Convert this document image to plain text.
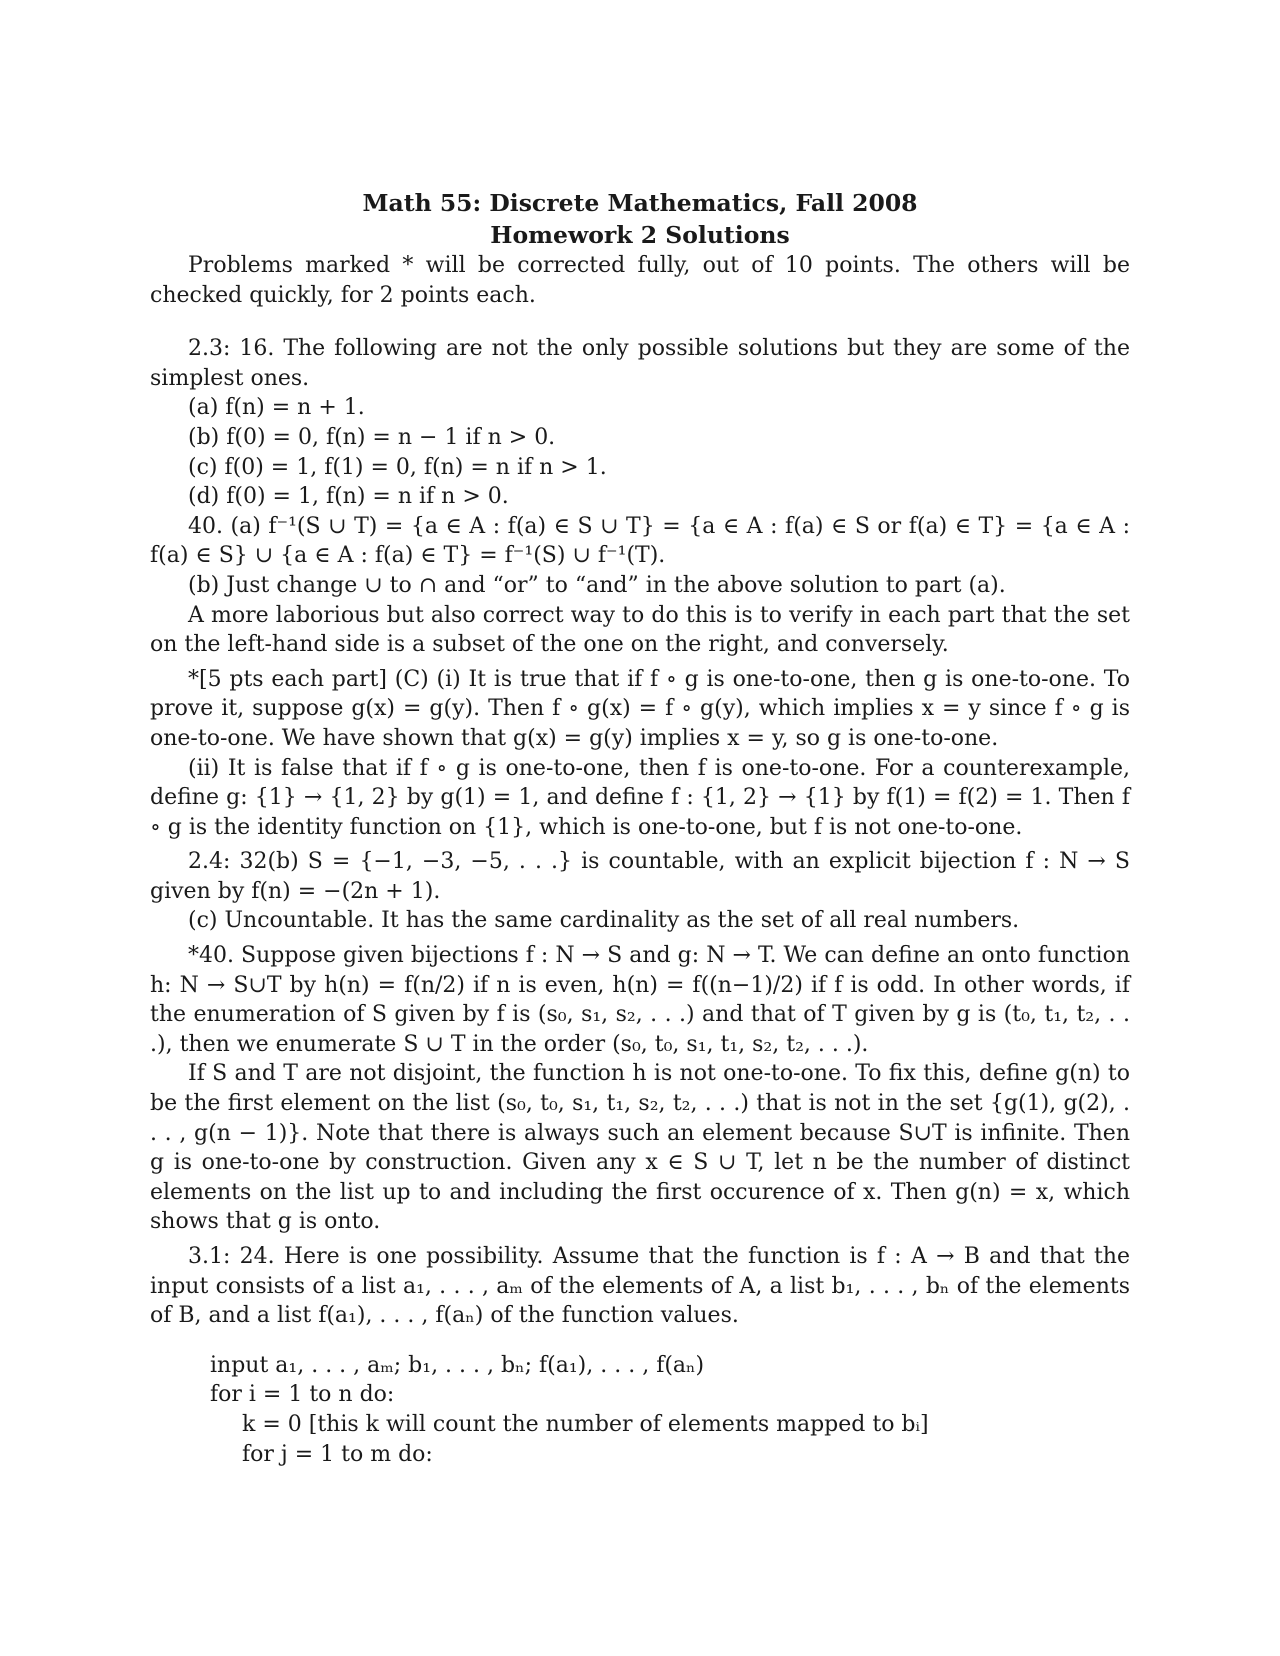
Math 55: Discrete Mathematics, Fall 2008
Homework 2 Solutions

Problems marked * will be corrected fully, out of 10 points. The others will be checked quickly, for 2 points each.

2.3: 16. The following are not the only possible solutions but they are some of the simplest ones.

(a) f(n) = n + 1.

(b) f(0) = 0, f(n) = n − 1 if n > 0.

(c) f(0) = 1, f(1) = 0, f(n) = n if n > 1.

(d) f(0) = 1, f(n) = n if n > 0.

40. (a) f⁻¹(S ∪ T) = {a ∈ A : f(a) ∈ S ∪ T} = {a ∈ A : f(a) ∈ S or f(a) ∈ T} = {a ∈ A : f(a) ∈ S} ∪ {a ∈ A : f(a) ∈ T} = f⁻¹(S) ∪ f⁻¹(T).

(b) Just change ∪ to ∩ and “or” to “and” in the above solution to part (a).

A more laborious but also correct way to do this is to verify in each part that the set on the left-hand side is a subset of the one on the right, and conversely.

*[5 pts each part] (C) (i) It is true that if f ∘ g is one-to-one, then g is one-to-one. To prove it, suppose g(x) = g(y). Then f ∘ g(x) = f ∘ g(y), which implies x = y since f ∘ g is one-to-one. We have shown that g(x) = g(y) implies x = y, so g is one-to-one.

(ii) It is false that if f ∘ g is one-to-one, then f is one-to-one. For a counterexample, define g: {1} → {1, 2} by g(1) = 1, and define f : {1, 2} → {1} by f(1) = f(2) = 1. Then f ∘ g is the identity function on {1}, which is one-to-one, but f is not one-to-one.

2.4: 32(b) S = {−1, −3, −5, . . .} is countable, with an explicit bijection f : N → S given by f(n) = −(2n + 1).

(c) Uncountable. It has the same cardinality as the set of all real numbers.

*40. Suppose given bijections f : N → S and g: N → T. We can define an onto function h: N → S∪T by h(n) = f(n/2) if n is even, h(n) = f((n−1)/2) if f is odd. In other words, if the enumeration of S given by f is (s₀, s₁, s₂, . . .) and that of T given by g is (t₀, t₁, t₂, . . .), then we enumerate S ∪ T in the order (s₀, t₀, s₁, t₁, s₂, t₂, . . .).

If S and T are not disjoint, the function h is not one-to-one. To fix this, define g(n) to be the first element on the list (s₀, t₀, s₁, t₁, s₂, t₂, . . .) that is not in the set {g(1), g(2), . . . , g(n − 1)}. Note that there is always such an element because S∪T is infinite. Then g is one-to-one by construction. Given any x ∈ S ∪ T, let n be the number of distinct elements on the list up to and including the first occurence of x. Then g(n) = x, which shows that g is onto.

3.1: 24. Here is one possibility. Assume that the function is f : A → B and that the input consists of a list a₁, . . . , aₘ of the elements of A, a list b₁, . . . , bₙ of the elements of B, and a list f(a₁), . . . , f(aₙ) of the function values.

input a₁, . . . , aₘ; b₁, . . . , bₙ; f(a₁), . . . , f(aₙ)
for i = 1 to n do:
k = 0 [this k will count the number of elements mapped to bᵢ]
for j = 1 to m do:
